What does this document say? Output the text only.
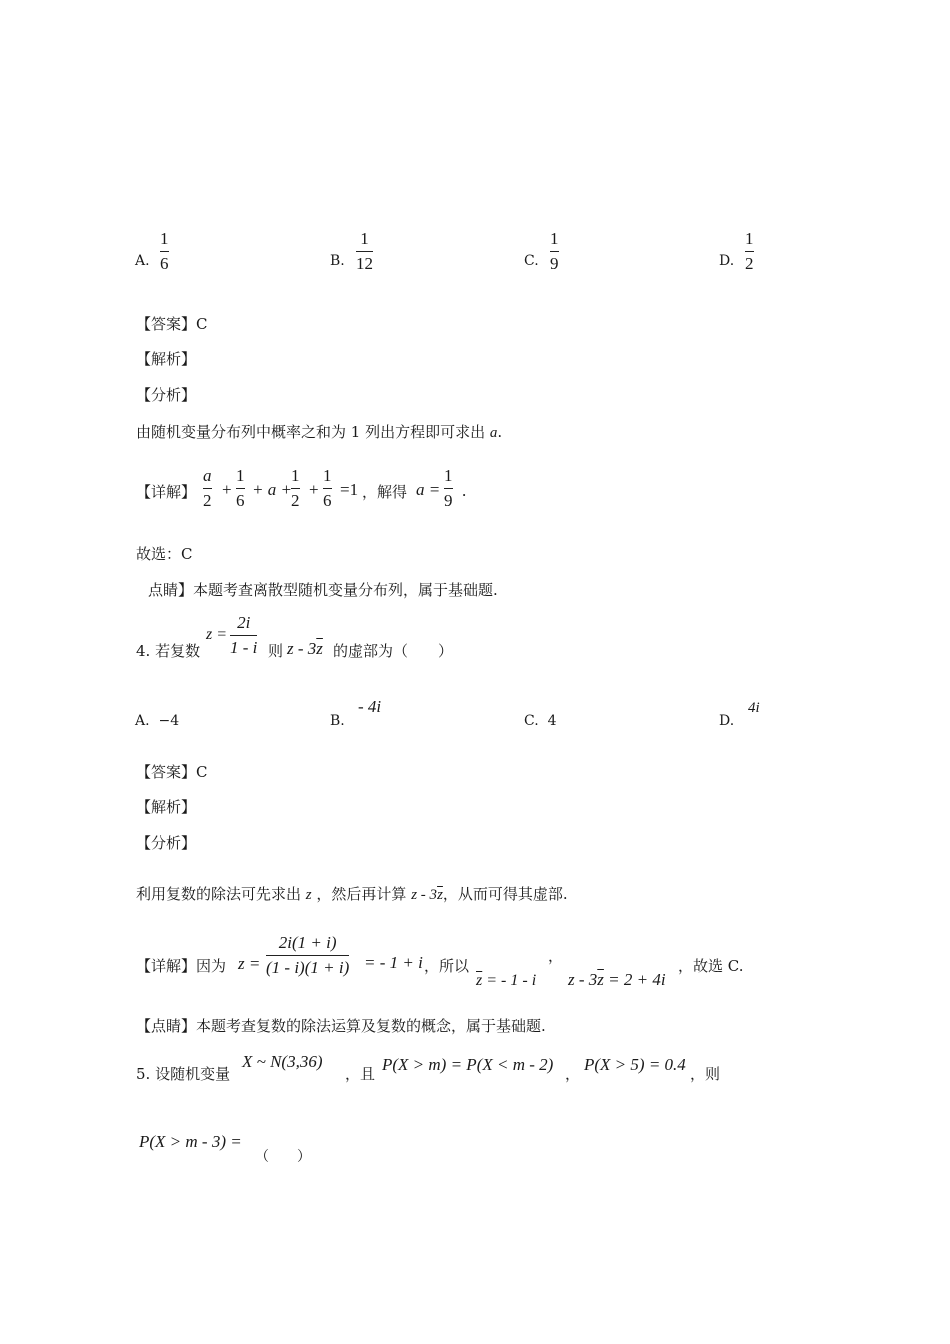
A.
1
6	B.
1
12	C.
1
9	D.
1
2
【答案】C
【解析】
【分析】
由随机变量分布列中概率之和为 1 列出方程即可求出 a.
【详解】
a
2
+
1
6
+ a +
1
2
+
1
6
=1 ，解得 a =
1
9
.
故选：C
点睛】本题考查离散型随机变量分布列，属于基础题.
4. 若复数
z =
2i
1 - i 则 z - $3\overline{z}$ 的虚部为（　　）
A. −4	B.
- 4i
C. 4	D.
4i
【答案】C
【解析】
【分析】
利用复数的除法可先求出 z ，然后再计算 z - $3\overline{z}$，从而可得其虚部.
【详解】因为 z =
2i(1 + i)
(1 - i)(1 + i) = - 1 + i ，所以
，
$\overline{z}$ = - 1 - i $z - 3\overline{z} = 2 + 4i$
，故选 C.
【点睛】本题考查复数的除法运算及复数的概念，属于基础题.
5. 设随机变量
X ~ N(3,36)
，且 P(X > m) = P(X < m - 2) ， P(X > 5) = 0.4 ，则
P(X > m - 3) =
（　　）
